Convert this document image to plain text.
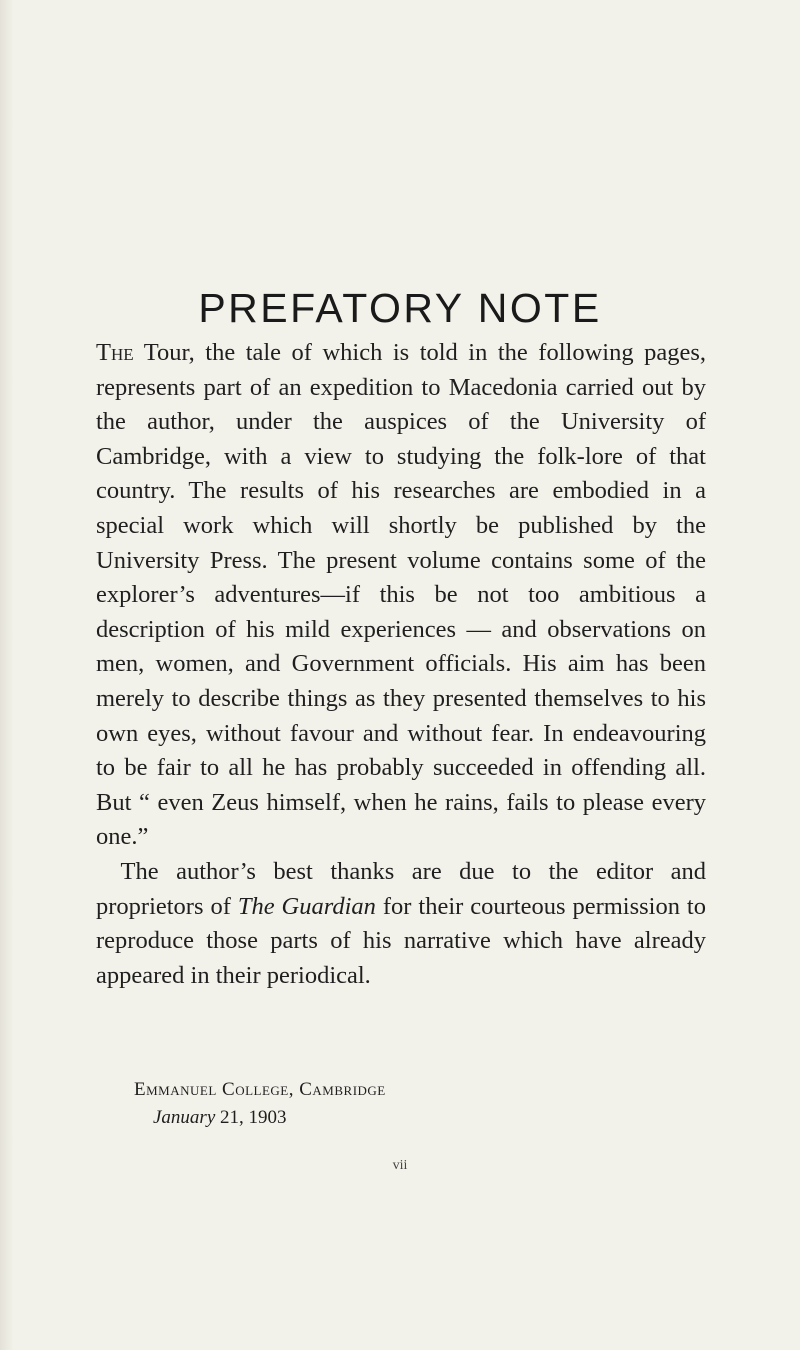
PREFATORY NOTE

The Tour, the tale of which is told in the following pages, represents part of an expedition to Macedonia carried out by the author, under the auspices of the University of Cambridge, with a view to studying the folk-lore of that country. The results of his researches are embodied in a special work which will shortly be published by the University Press. The present volume contains some of the explorer’s adventures—if this be not too ambitious a description of his mild experiences — and observations on men, women, and Government officials. His aim has been merely to describe things as they presented themselves to his own eyes, without favour and without fear. In endeavouring to be fair to all he has probably succeeded in offending all. But “ even Zeus himself, when he rains, fails to please every one.”

 The author’s best thanks are due to the editor and proprietors of The Guardian for their courteous permission to reproduce those parts of his narrative which have already appeared in their periodical.

Emmanuel College, Cambridge
 January 21, 1903
vii
